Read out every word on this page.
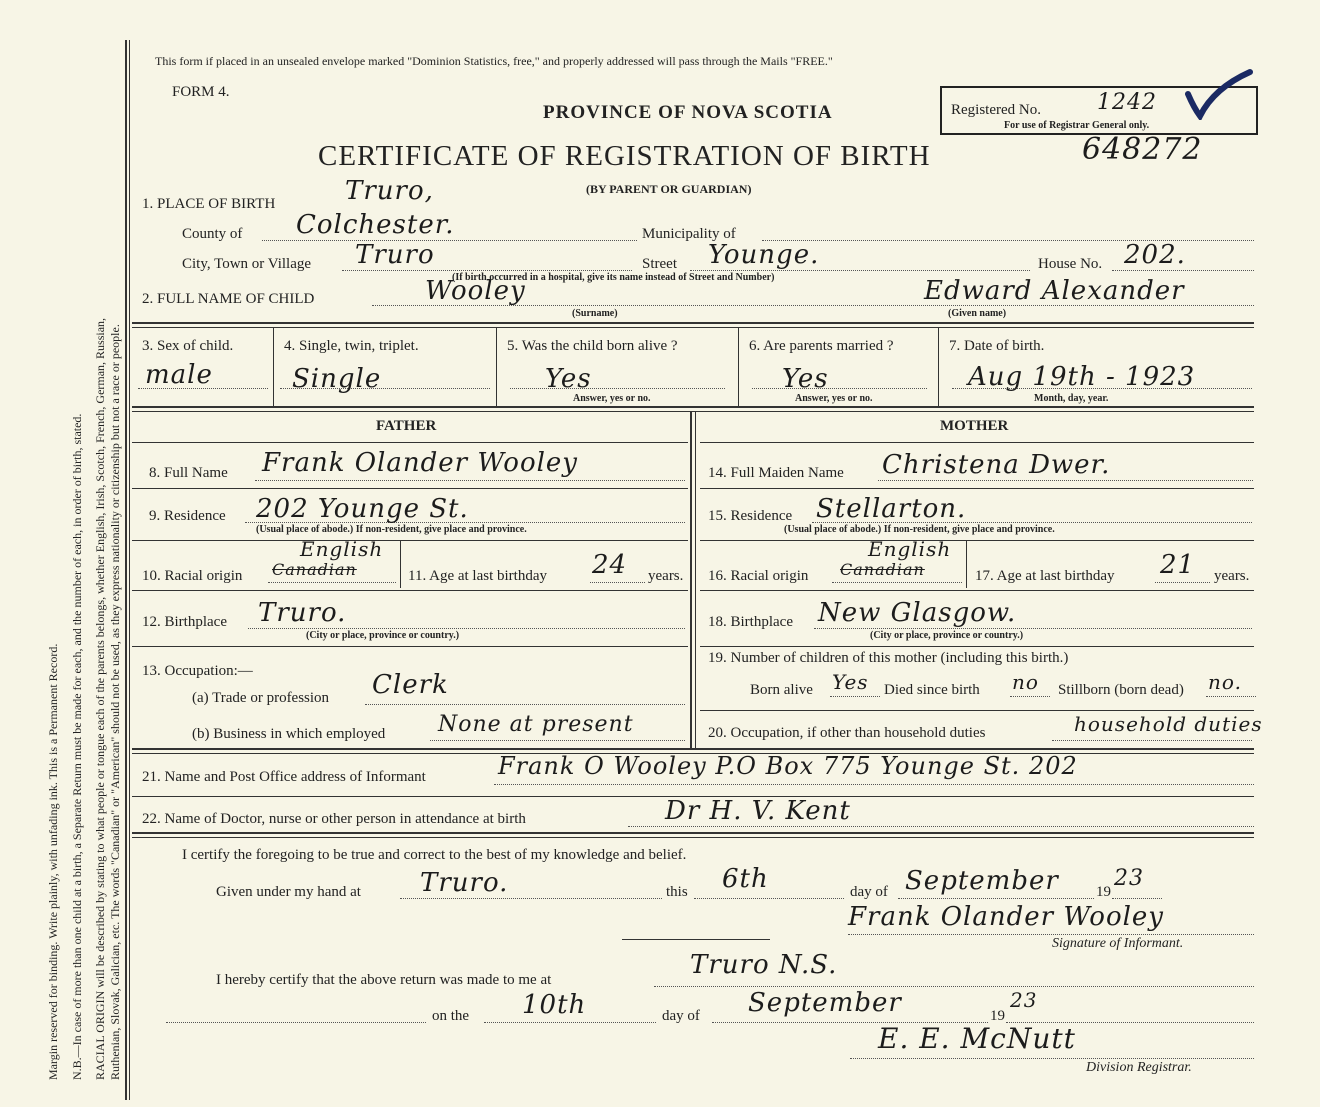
Margin reserved for binding. Write plainly, with unfading ink. This is a Permanent Record. N.B.—In case of more than one child at a birth, a Separate Return must be made for each, and the number of each, in order of birth, stated. RACIAL ORIGIN will be described by stating to what people or tongue each of the parents belongs, whether English, Irish, Scotch, French, German, Russian, Ruthenian, Slovak, Galician, etc. The words "Canadian" or "American" should not be used, as they express nationality or citizenship but not a race or people.
This form if placed in an unsealed envelope marked "Dominion Statistics, free," and properly addressed will pass through the Mails "FREE."
FORM 4.
PROVINCE OF NOVA SCOTIA	Registered No.	1242
For use of Registrar General only.
CERTIFICATE OF REGISTRATION OF BIRTH	648272
(BY PARENT OR GUARDIAN)
1. PLACE OF BIRTH	Truro,
County of Colchester.	Municipality of
City, Town or Village Truro	Street Younge.	House No. 202.
(If birth occurred in a hospital, give its name instead of Street and Number)
2. FULL NAME OF CHILD	Wooley
(Surname)
Edward Alexander
(Given name)
3. Sex of child.
male
4. Single, twin, triplet.
Single
5. Was the child born alive ?
Yes
Answer, yes or no.
6. Are parents married ?
Yes
Answer, yes or no.
7. Date of birth.
Aug 19th - 1923
Month, day, year.
FATHER	MOTHER
8. Full Name Frank Olander Wooley
9. Residence 202 Younge St.
(Usual place of abode.) If non-resident, give place and province.
10. Racial origin Canadian
English
11. Age at last birthday 24 years.
12. Birthplace Truro.
(City or place, province or country.)
13. Occupation:—
(a) Trade or profession Clerk
(b) Business in which employed None at present
14. Full Maiden Name Christena Dwer.
15. Residence Stellarton.
(Usual place of abode.) If non-resident, give place and province.
16. Racial origin Canadian
English
17. Age at last birthday 21 years.
18. Birthplace New Glasgow.
(City or place, province or country.)
19. Number of children of this mother (including this birth.)
Born alive Yes Died since birth no Stillborn (born dead) no.
20. Occupation, if other than household duties	household duties
21. Name and Post Office address of Informant	Frank O Wooley P.O Box 775 Younge St. 202
22. Name of Doctor, nurse or other person in attendance at birth	Dr H. V. Kent
I certify the foregoing to be true and correct to the best of my knowledge and belief.
Given under my hand at Truro.	this 6th	day of September 19
23
Frank Olander Wooley
Signature of Informant.
I hereby certify that the above return was made to me at	Truro N.S.
on the 10th	day of September	19
23
E. E. McNutt
Division Registrar.
